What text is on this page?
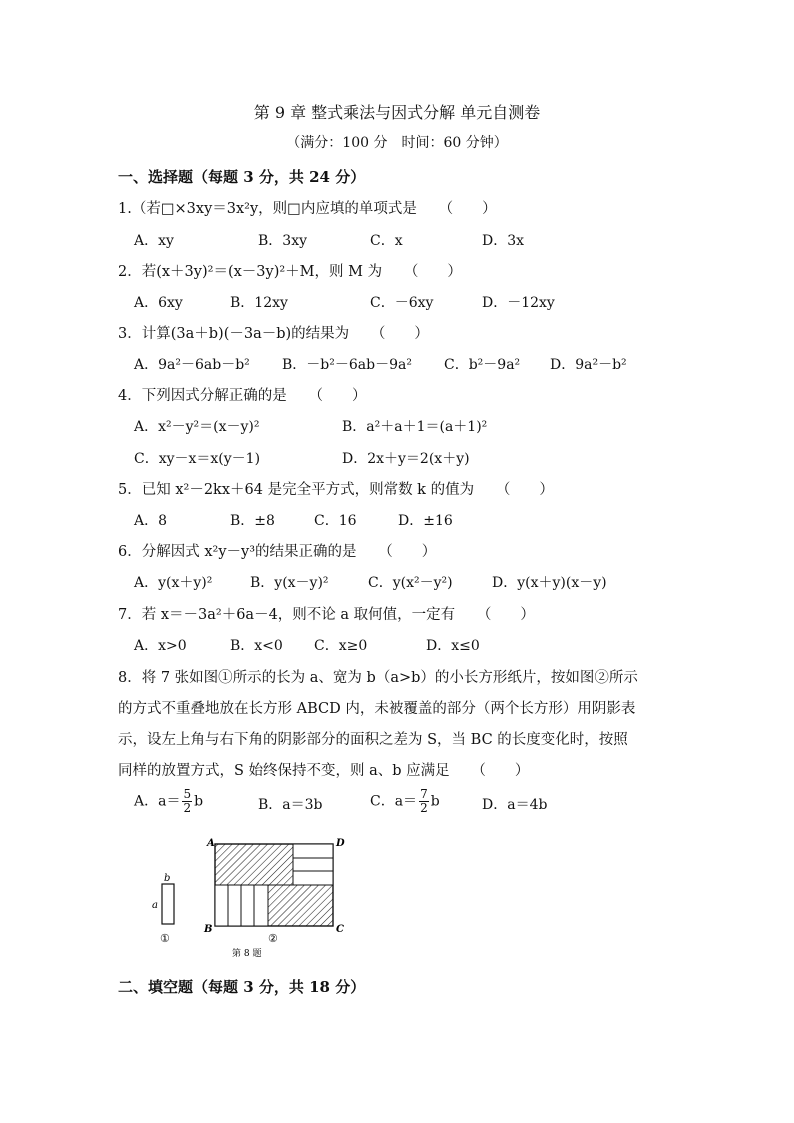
第 9 章 整式乘法与因式分解 单元自测卷
（满分：100 分　时间：60 分钟）
一、选择题（每题 3 分，共 24 分）
1.（若□×3xy＝3x²y，则□内应填的单项式是　　（　　）
A．xy	B．3xy	C．x	D．3x
2．若(x＋3y)²＝(x－3y)²＋M，则 M 为　　（　　）
A．6xy	B．12xy	C．－6xy	D．－12xy
3．计算(3a＋b)(－3a－b)的结果为　　（　　）
A．9a²－6ab－b² B．－b²－6ab－9a² C．b²－9a² D．9a²－b²
4．下列因式分解正确的是　　（　　）
A．x²－y²＝(x－y)²	B．a²＋a＋1＝(a＋1)²
C．xy－x＝x(y－1)	D．2x＋y＝2(x＋y)
5．已知 x²－2kx＋64 是完全平方式，则常数 k 的值为　　（　　）
A．8	B．±8	C．16	D．±16
6．分解因式 x²y－y³的结果正确的是　　（　　）
A．y(x＋y)²	B．y(x－y)²	C．y(x²－y²)	D．y(x＋y)(x－y)
7．若 x＝－3a²＋6a－4，则不论 a 取何值，一定有　　（　　）
A．x>0	B．x<0 C．x≥0	D．x≤0
8．将 7 张如图①所示的长为 a、宽为 b（a>b）的小长方形纸片，按如图②所示
的方式不重叠地放在长方形 ABCD 内，未被覆盖的部分（两个长方形）用阴影表
示，设左上角与右下角的阴影部分的面积之差为 S，当 BC 的长度变化时，按照
同样的放置方式，S 始终保持不变，则 a、b 应满足　　（　　）
A．$a= \frac{5}{2}$ b	B．a＝3b	C．$a= \frac{7}{2}$ b	D．a＝4b
b
a
①
A	D
B	C
②
第 8 题
二、填空题（每题 3 分，共 18 分）
